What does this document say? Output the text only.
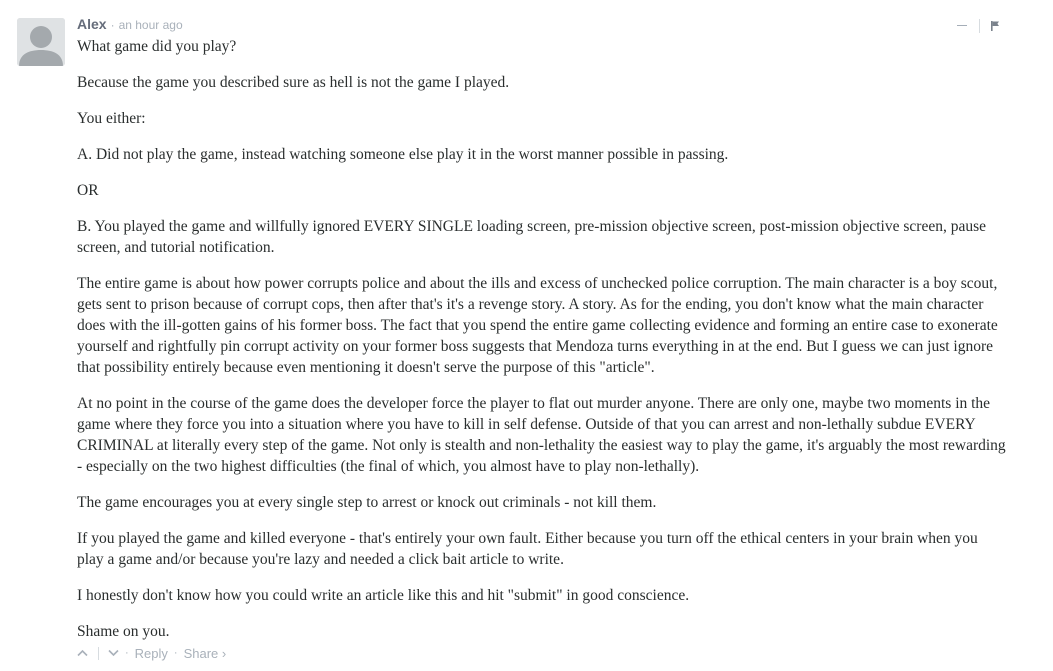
Alex · an hour ago

What game did you play?

Because the game you described sure as hell is not the game I played.

You either:

A. Did not play the game, instead watching someone else play it in the worst manner possible in passing.

OR

B. You played the game and willfully ignored EVERY SINGLE loading screen, pre-mission objective screen, post-mission objective screen, pause screen, and tutorial notification.

The entire game is about how power corrupts police and about the ills and excess of unchecked police corruption. The main character is a boy scout, gets sent to prison because of corrupt cops, then after that's it's a revenge story. A story. As for the ending, you don't know what the main character does with the ill-gotten gains of his former boss. The fact that you spend the entire game collecting evidence and forming an entire case to exonerate yourself and rightfully pin corrupt activity on your former boss suggests that Mendoza turns everything in at the end. But I guess we can just ignore that possibility entirely because even mentioning it doesn't serve the purpose of this "article".

At no point in the course of the game does the developer force the player to flat out murder anyone. There are only one, maybe two moments in the game where they force you into a situation where you have to kill in self defense. Outside of that you can arrest and non-lethally subdue EVERY CRIMINAL at literally every step of the game. Not only is stealth and non-lethality the easiest way to play the game, it's arguably the most rewarding - especially on the two highest difficulties (the final of which, you almost have to play non-lethally).

The game encourages you at every single step to arrest or knock out criminals - not kill them.

If you played the game and killed everyone - that's entirely your own fault. Either because you turn off the ethical centers in your brain when you play a game and/or because you're lazy and needed a click bait article to write.

I honestly don't know how you could write an article like this and hit "submit" in good conscience.

Shame on you.

· Reply · Share ›
